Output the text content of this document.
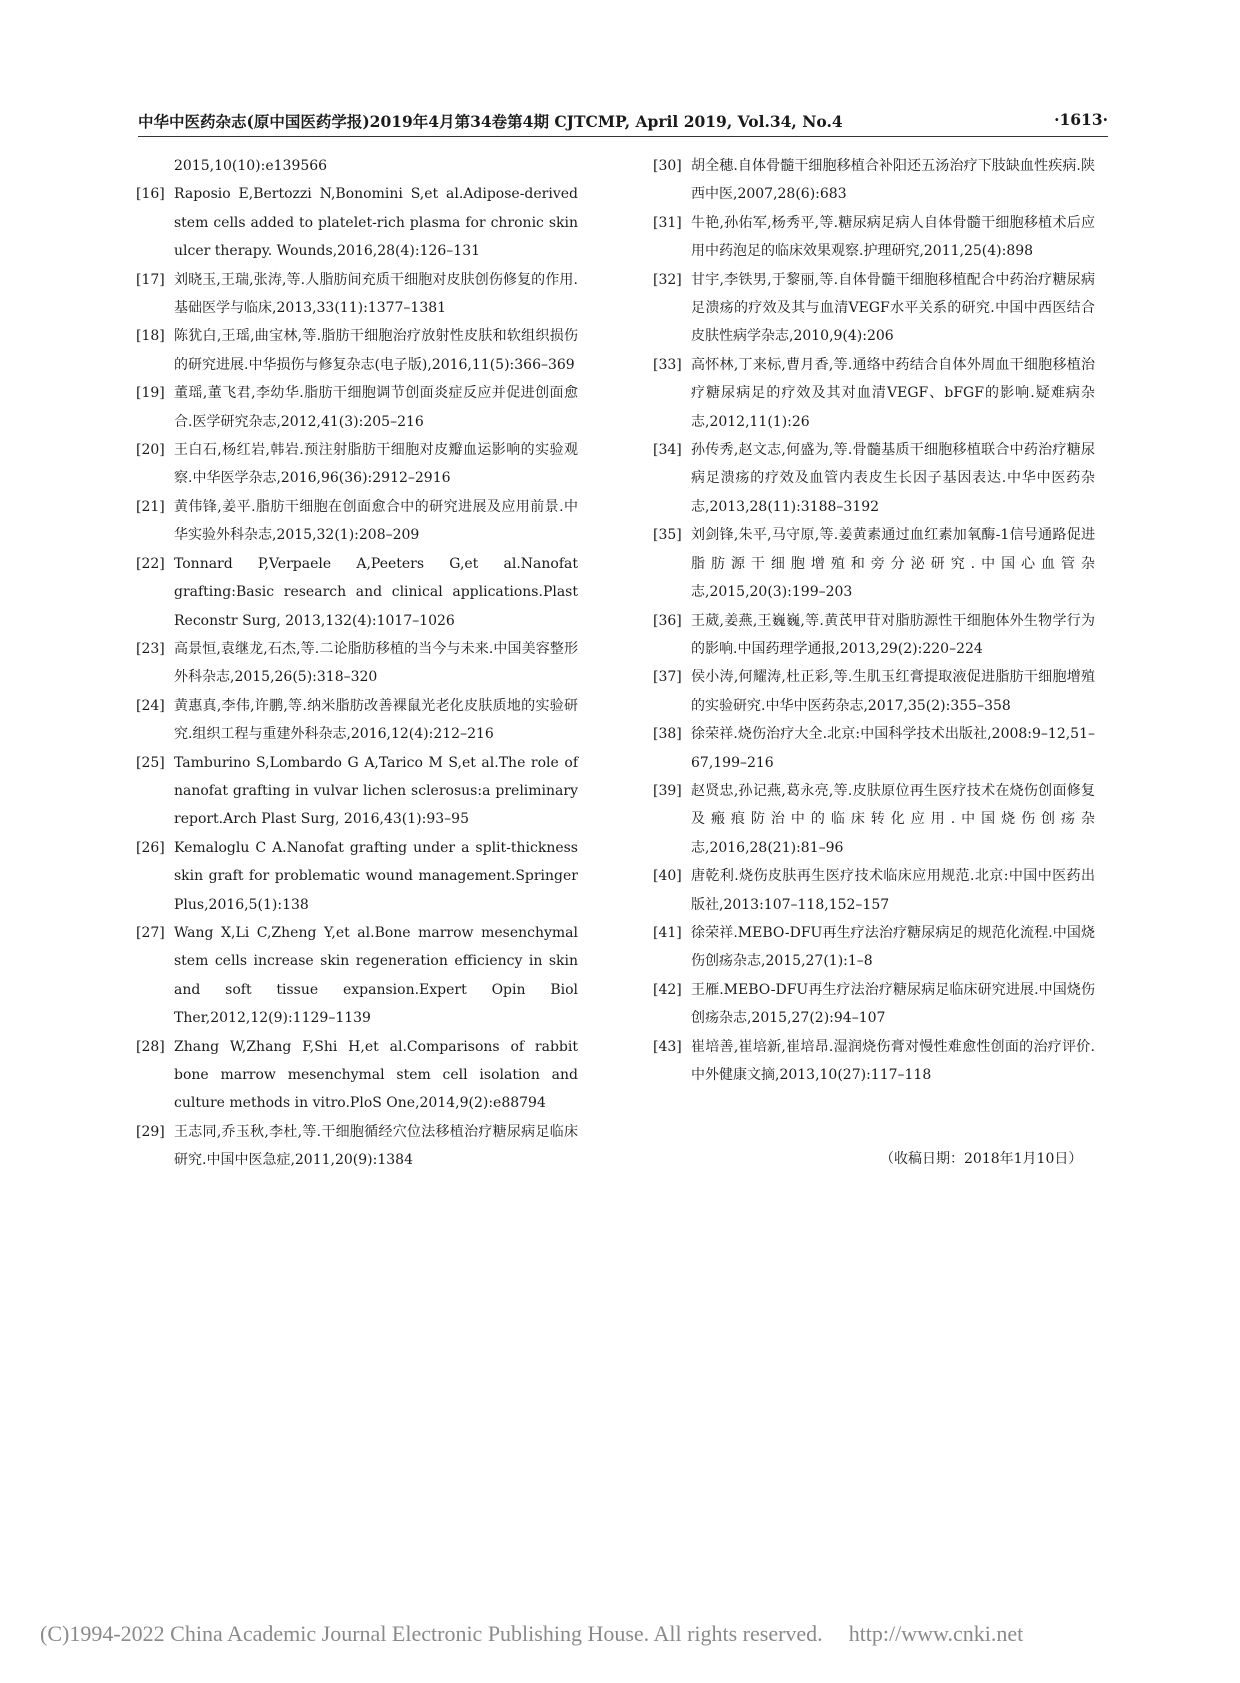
中华中医药杂志(原中国医药学报)2019年4月第34卷第4期 CJTCMP, April 2019, Vol.34, No.4	·1613·
2015,10(10):e139566
[16] Raposio E,Bertozzi N,Bonomini S,et al.Adipose-derived stem cells added to platelet-rich plasma for chronic skin ulcer therapy. Wounds,2016,28(4):126–131
[17] 刘晓玉,王瑞,张涛,等.人脂肪间充质干细胞对皮肤创伤修复的作用.基础医学与临床,2013,33(11):1377–1381
[18] 陈犹白,王瑶,曲宝林,等.脂肪干细胞治疗放射性皮肤和软组织损伤的研究进展.中华损伤与修复杂志(电子版),2016,11(5):366–369
[19] 董瑶,董飞君,李幼华.脂肪干细胞调节创面炎症反应并促进创面愈合.医学研究杂志,2012,41(3):205–216
[20] 王白石,杨红岩,韩岩.预注射脂肪干细胞对皮瓣血运影响的实验观察.中华医学杂志,2016,96(36):2912–2916
[21] 黄伟锋,姜平.脂肪干细胞在创面愈合中的研究进展及应用前景.中华实验外科杂志,2015,32(1):208–209
[22] Tonnard P,Verpaele A,Peeters G,et al.Nanofat grafting:Basic research and clinical applications.Plast Reconstr Surg, 2013,132(4):1017–1026
[23] 高景恒,袁继龙,石杰,等.二论脂肪移植的当今与未来.中国美容整形外科杂志,2015,26(5):318–320
[24] 黄惠真,李伟,许鹏,等.纳米脂肪改善裸鼠光老化皮肤质地的实验研究.组织工程与重建外科杂志,2016,12(4):212–216
[25] Tamburino S,Lombardo G A,Tarico M S,et al.The role of nanofat grafting in vulvar lichen sclerosus:a preliminary report.Arch Plast Surg, 2016,43(1):93–95
[26] Kemaloglu C A.Nanofat grafting under a split-thickness skin graft for problematic wound management.Springer Plus,2016,5(1):138
[27] Wang X,Li C,Zheng Y,et al.Bone marrow mesenchymal stem cells increase skin regeneration efficiency in skin and soft tissue expansion.Expert Opin Biol Ther,2012,12(9):1129–1139
[28] Zhang W,Zhang F,Shi H,et al.Comparisons of rabbit bone marrow mesenchymal stem cell isolation and culture methods in vitro.PloS One,2014,9(2):e88794
[29] 王志同,乔玉秋,李杜,等.干细胞循经穴位法移植治疗糖尿病足临床研究.中国中医急症,2011,20(9):1384
[30] 胡全穗.自体骨髓干细胞移植合补阳还五汤治疗下肢缺血性疾病.陕西中医,2007,28(6):683
[31] 牛艳,孙佑军,杨秀平,等.糖尿病足病人自体骨髓干细胞移植术后应用中药泡足的临床效果观察.护理研究,2011,25(4):898
[32] 甘宇,李铁男,于黎丽,等.自体骨髓干细胞移植配合中药治疗糖尿病足溃疡的疗效及其与血清VEGF水平关系的研究.中国中西医结合皮肤性病学杂志,2010,9(4):206
[33] 高怀林,丁来标,曹月香,等.通络中药结合自体外周血干细胞移植治疗糖尿病足的疗效及其对血清VEGF、bFGF的影响.疑难病杂志,2012,11(1):26
[34] 孙传秀,赵文志,何盛为,等.骨髓基质干细胞移植联合中药治疗糖尿病足溃疡的疗效及血管内表皮生长因子基因表达.中华中医药杂志,2013,28(11):3188–3192
[35] 刘剑锋,朱平,马守原,等.姜黄素通过血红素加氧酶-1信号通路促进脂肪源干细胞增殖和旁分泌研究.中国心血管杂志,2015,20(3):199–203
[36] 王葳,姜燕,王巍巍,等.黄芪甲苷对脂肪源性干细胞体外生物学行为的影响.中国药理学通报,2013,29(2):220–224
[37] 侯小涛,何耀涛,杜正彩,等.生肌玉红膏提取液促进脂肪干细胞增殖的实验研究.中华中医药杂志,2017,35(2):355–358
[38] 徐荣祥.烧伤治疗大全.北京:中国科学技术出版社,2008:9–12,51–67,199–216
[39] 赵贤忠,孙记燕,葛永亮,等.皮肤原位再生医疗技术在烧伤创面修复及瘢痕防治中的临床转化应用.中国烧伤创疡杂志,2016,28(21):81–96
[40] 唐乾利.烧伤皮肤再生医疗技术临床应用规范.北京:中国中医药出版社,2013:107–118,152–157
[41] 徐荣祥.MEBO-DFU再生疗法治疗糖尿病足的规范化流程.中国烧伤创疡杂志,2015,27(1):1–8
[42] 王雁.MEBO-DFU再生疗法治疗糖尿病足临床研究进展.中国烧伤创疡杂志,2015,27(2):94–107
[43] 崔培善,崔培新,崔培昂.湿润烧伤膏对慢性难愈性创面的治疗评价.中外健康文摘,2013,10(27):117–118
（收稿日期：2018年1月10日）
(C)1994-2022 China Academic Journal Electronic Publishing House. All rights reserved. http://www.cnki.net
